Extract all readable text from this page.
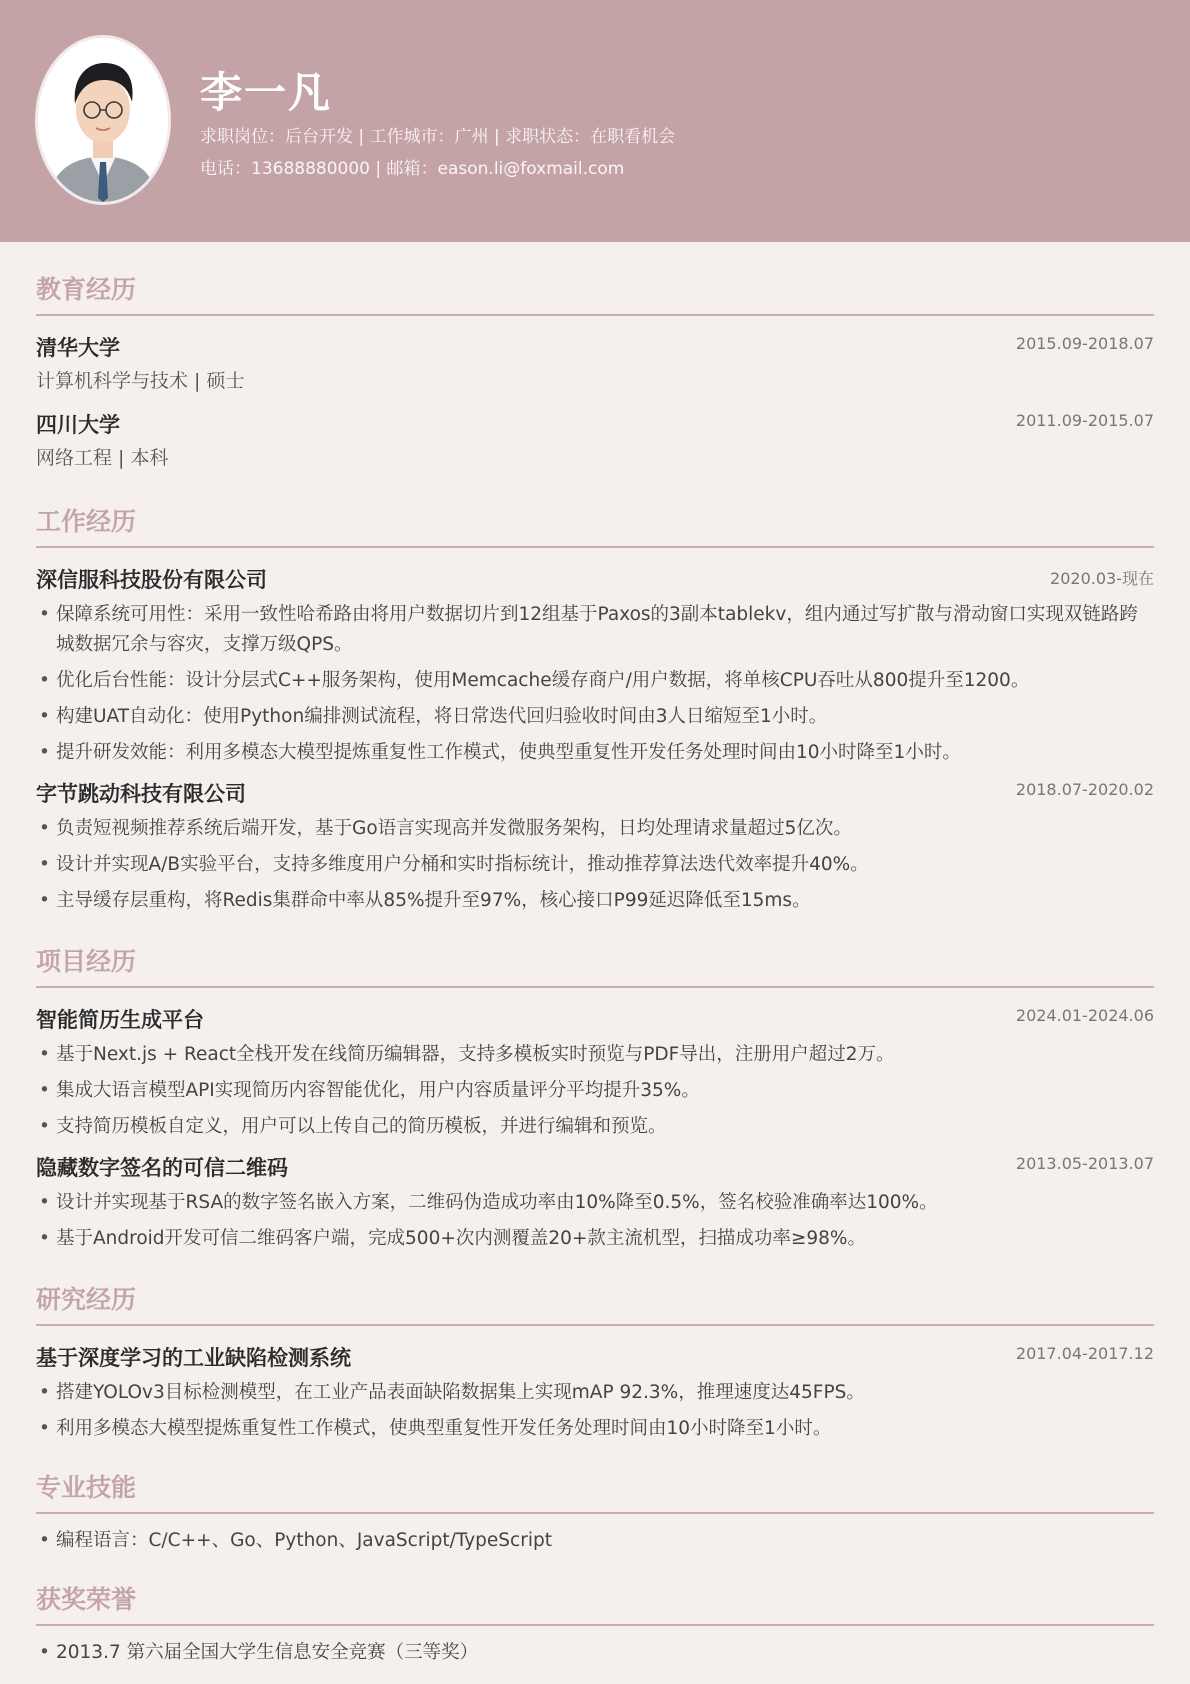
李一凡
求职岗位：后台开发 | 工作城市：广州 | 求职状态：在职看机会
电话：13688880000 | 邮箱：eason.li@foxmail.com
教育经历
清华大学	2015.09-2018.07
计算机科学与技术 | 硕士
四川大学	2011.09-2015.07
网络工程 | 本科
工作经历
深信服科技股份有限公司	2020.03-现在
• 保障系统可用性：采用一致性哈希路由将用户数据切片到12组基于Paxos的3副本tablekv，组内通过写扩散与滑动窗口实现双链路跨城数据冗余与容灾，支撑万级QPS。
• 优化后台性能：设计分层式C++服务架构，使用Memcache缓存商户/用户数据，将单核CPU吞吐从800提升至1200。
• 构建UAT自动化：使用Python编排测试流程，将日常迭代回归验收时间由3人日缩短至1小时。
• 提升研发效能：利用多模态大模型提炼重复性工作模式，使典型重复性开发任务处理时间由10小时降至1小时。
字节跳动科技有限公司	2018.07-2020.02
• 负责短视频推荐系统后端开发，基于Go语言实现高并发微服务架构，日均处理请求量超过5亿次。
• 设计并实现A/B实验平台，支持多维度用户分桶和实时指标统计，推动推荐算法迭代效率提升40%。
• 主导缓存层重构，将Redis集群命中率从85%提升至97%，核心接口P99延迟降低至15ms。
项目经历
智能简历生成平台	2024.01-2024.06
• 基于Next.js + React全栈开发在线简历编辑器，支持多模板实时预览与PDF导出，注册用户超过2万。
• 集成大语言模型API实现简历内容智能优化，用户内容质量评分平均提升35%。
• 支持简历模板自定义，用户可以上传自己的简历模板，并进行编辑和预览。
隐藏数字签名的可信二维码	2013.05-2013.07
• 设计并实现基于RSA的数字签名嵌入方案，二维码伪造成功率由10%降至0.5%，签名校验准确率达100%。
• 基于Android开发可信二维码客户端，完成500+次内测覆盖20+款主流机型，扫描成功率≥98%。
研究经历
基于深度学习的工业缺陷检测系统	2017.04-2017.12
• 搭建YOLOv3目标检测模型，在工业产品表面缺陷数据集上实现mAP 92.3%，推理速度达45FPS。
• 利用多模态大模型提炼重复性工作模式，使典型重复性开发任务处理时间由10小时降至1小时。
专业技能
• 编程语言：C/C++、Go、Python、JavaScript/TypeScript
获奖荣誉
• 2013.7 第六届全国大学生信息安全竞赛（三等奖）
